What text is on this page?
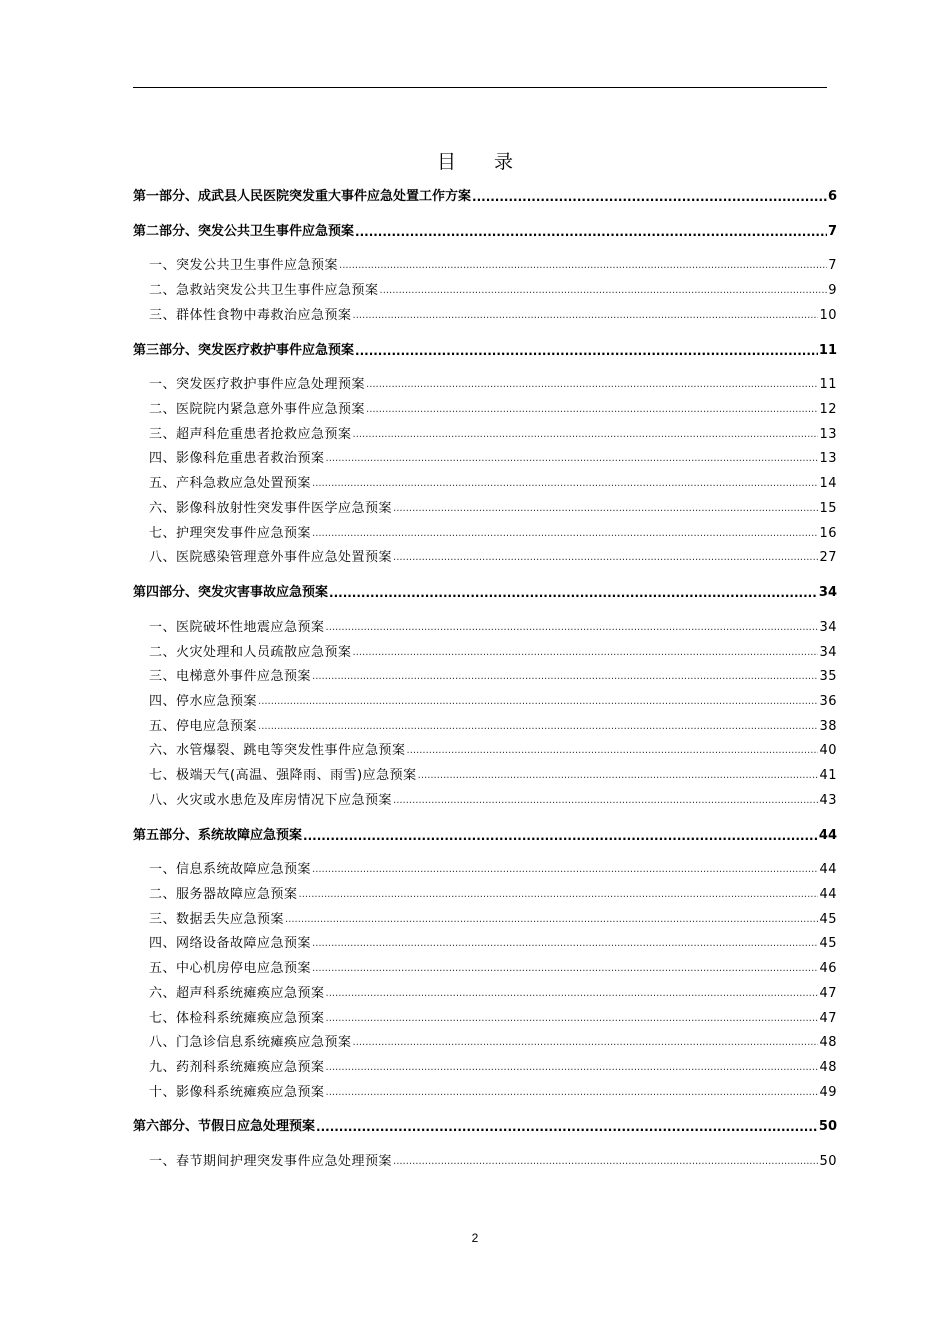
目 录
第一部分、成武县人民医院突发重大事件应急处置工作方案 .....	6
第二部分、突发公共卫生事件应急预案 .....	7
一、突发公共卫生事件应急预案 .....	7
二、急救站突发公共卫生事件应急预案 .....	9
三、群体性食物中毒救治应急预案 .....	10
第三部分、突发医疗救护事件应急预案 .....	11
一、突发医疗救护事件应急处理预案 .....	11
二、医院院内紧急意外事件应急预案 .....	12
三、超声科危重患者抢救应急预案 .....	13
四、影像科危重患者救治预案 .....	13
五、产科急救应急处置预案 .....	14
六、影像科放射性突发事件医学应急预案 .....	15
七、护理突发事件应急预案 .....	16
八、医院感染管理意外事件应急处置预案 .....	27
第四部分、突发灾害事故应急预案 .....	34
一、医院破坏性地震应急预案 .....	34
二、火灾处理和人员疏散应急预案 .....	34
三、电梯意外事件应急预案 .....	35
四、停水应急预案 .....	36
五、停电应急预案 .....	38
六、水管爆裂、跳电等突发性事件应急预案 .....	40
七、极端天气(高温、强降雨、雨雪)应急预案 .....	41
八、火灾或水患危及库房情况下应急预案 .....	43
第五部分、系统故障应急预案 .....	44
一、信息系统故障应急预案 .....	44
二、服务器故障应急预案 .....	44
三、数据丢失应急预案 .....	45
四、网络设备故障应急预案 .....	45
五、中心机房停电应急预案 .....	46
六、超声科系统瘫痪应急预案 .....	47
七、体检科系统瘫痪应急预案 .....	47
八、门急诊信息系统瘫痪应急预案 .....	48
九、药剂科系统瘫痪应急预案 .....	48
十、影像科系统瘫痪应急预案 .....	49
第六部分、节假日应急处理预案 .....	50
一、春节期间护理突发事件应急处理预案 .....	50
2
